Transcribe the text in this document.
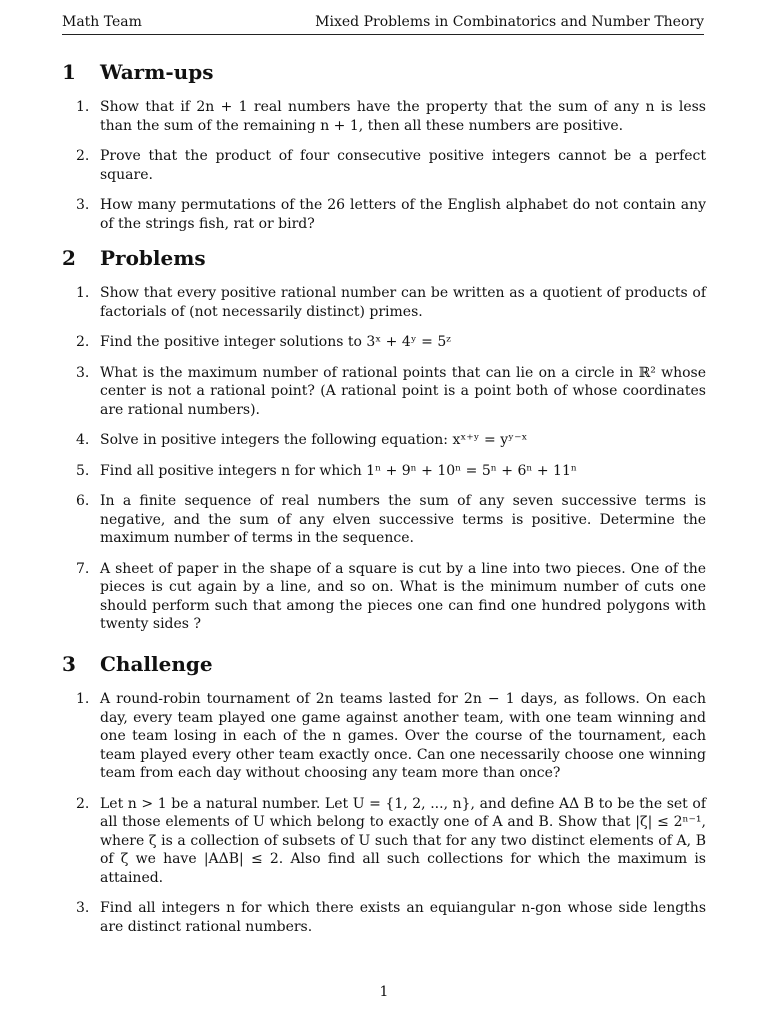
Math Team	Mixed Problems in Combinatorics and Number Theory
1	Warm-ups
1. Show that if 2n + 1 real numbers have the property that the sum of any n is less than the sum of the remaining n + 1, then all these numbers are positive.
2. Prove that the product of four consecutive positive integers cannot be a perfect square.
3. How many permutations of the 26 letters of the English alphabet do not contain any of the strings fish, rat or bird?
2	Problems
1. Show that every positive rational number can be written as a quotient of products of factorials of (not necessarily distinct) primes.
2. Find the positive integer solutions to 3ˣ + 4ʸ = 5ᶻ
3. What is the maximum number of rational points that can lie on a circle in ℝ² whose center is not a rational point? (A rational point is a point both of whose coordinates are rational numbers).
4. Solve in positive integers the following equation: xˣ⁺ʸ = yʸ⁻ˣ
5. Find all positive integers n for which 1ⁿ + 9ⁿ + 10ⁿ = 5ⁿ + 6ⁿ + 11ⁿ
6. In a finite sequence of real numbers the sum of any seven successive terms is negative, and the sum of any elven successive terms is positive. Determine the maximum number of terms in the sequence.
7. A sheet of paper in the shape of a square is cut by a line into two pieces. One of the pieces is cut again by a line, and so on. What is the minimum number of cuts one should perform such that among the pieces one can find one hundred polygons with twenty sides ?
3	Challenge
1. A round-robin tournament of 2n teams lasted for 2n − 1 days, as follows. On each day, every team played one game against another team, with one team winning and one team losing in each of the n games. Over the course of the tournament, each team played every other team exactly once. Can one necessarily choose one winning team from each day without choosing any team more than once?
2. Let n > 1 be a natural number. Let U = {1, 2, ..., n}, and define AΔ B to be the set of all those elements of U which belong to exactly one of A and B. Show that |ζ| ≤ 2ⁿ⁻¹, where ζ is a collection of subsets of U such that for any two distinct elements of A, B of ζ we have |AΔB| ≤ 2. Also find all such collections for which the maximum is attained.
3. Find all integers n for which there exists an equiangular n-gon whose side lengths are distinct rational numbers.
1
